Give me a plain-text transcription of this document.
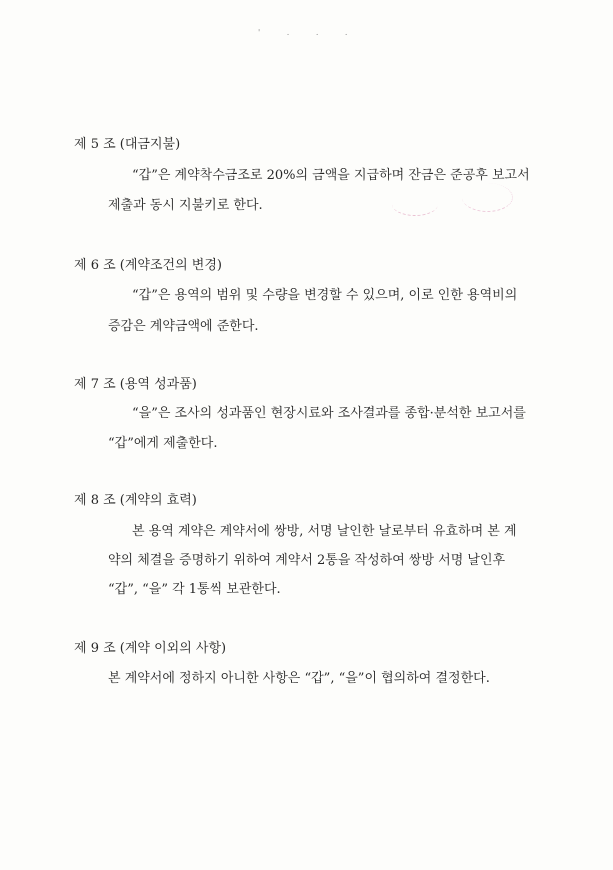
' . . .
제 5 조 (대금지불)
“갑”은 계약착수금조로 20%의 금액을 지급하며 잔금은 준공후 보고서
제출과 동시 지불키로 한다.
제 6 조 (계약조건의 변경)
“갑”은 용역의 범위 및 수량을 변경할 수 있으며, 이로 인한 용역비의
증감은 계약금액에 준한다.
제 7 조 (용역 성과품)
“을”은 조사의 성과품인 현장시료와 조사결과를 종합·분석한 보고서를
“갑”에게 제출한다.
제 8 조 (계약의 효력)
본 용역 계약은 계약서에 쌍방, 서명 날인한 날로부터 유효하며 본 계
약의 체결을 증명하기 위하여 계약서 2통을 작성하여 쌍방 서명 날인후
“갑”, “을” 각 1통씩 보관한다.
제 9 조 (계약 이외의 사항)
본 계약서에 정하지 아니한 사항은 “갑”, “을”이 협의하여 결정한다.
